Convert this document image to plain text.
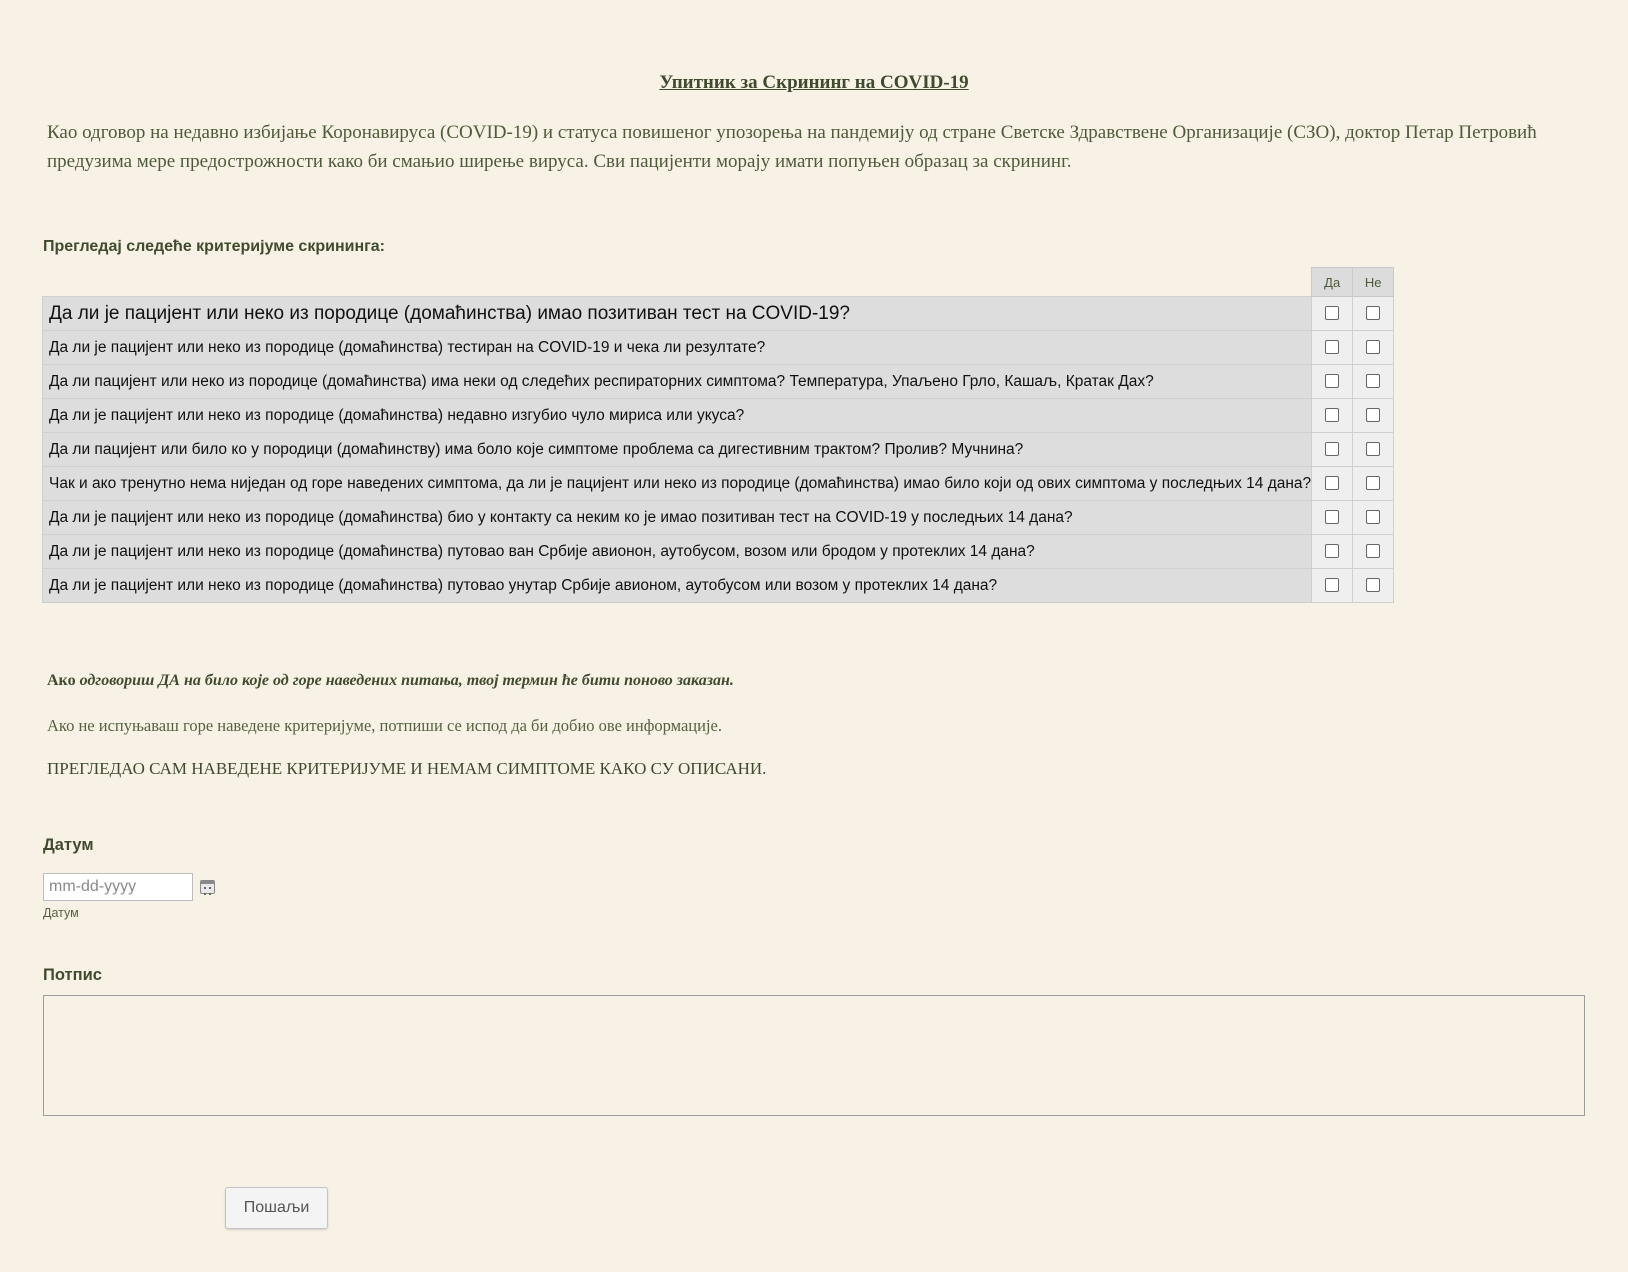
Упитник за Скрининг на COVID-19
Као одговор на недавно избијање Коронавируса (COVID-19) и статуса повишеног упозорења на пандемију од стране Светске Здравствене Организације (СЗО), доктор Петар Петровић предузима мере предострожности како би смањио ширење вируса. Сви пацијенти морају имати попуњен образац за скрининг.
Прегледај следеће критеријуме скрининга:
	Да	Не
Да ли је пацијент или неко из породице (домаћинства) имао позитиван тест на COVID-19?		
Да ли је пацијент или неко из породице (домаћинства) тестиран на COVID-19 и чека ли резултате?		
Да ли пацијент или неко из породице (домаћинства) има неки од следећих респираторних симптома? Температура, Упаљено Грло, Кашаљ, Кратак Дах?		
Да ли је пацијент или неко из породице (домаћинства) недавно изгубио чуло мириса или укуса?		
Да ли пацијент или било ко у породици (домаћинству) има боло које симптоме проблема са дигестивним трактом? Пролив? Мучнина?		
Чак и ако тренутно нема ниједан од горе наведених симптома, да ли је пацијент или неко из породице (домаћинства) имао било који од ових симптома у последњих 14 дана?		
Да ли је пацијент или неко из породице (домаћинства) био у контакту са неким ко је имао позитиван тест на COVID-19 у последњих 14 дана?		
Да ли је пацијент или неко из породице (домаћинства) путовао ван Србије авионон, аутобусом, возом или бродом у протеклих 14 дана?		
Да ли је пацијент или неко из породице (домаћинства) путовао унутар Србије авионом, аутобусом или возом у протеклих 14 дана?		
Ако одговориш ДА на било које од горе наведених питања, твој термин ће бити поново заказан.
Ако не испуњаваш горе наведене критеријуме, потпиши се испод да би добио ове информације.
ПРЕГЛЕДАО САМ НАВЕДЕНЕ КРИТЕРИЈУМЕ И НЕМАМ СИМПТОМЕ КАКО СУ ОПИСАНИ.
Датум
mm-dd-yyyy
Датум
Потпис
Пошаљи
